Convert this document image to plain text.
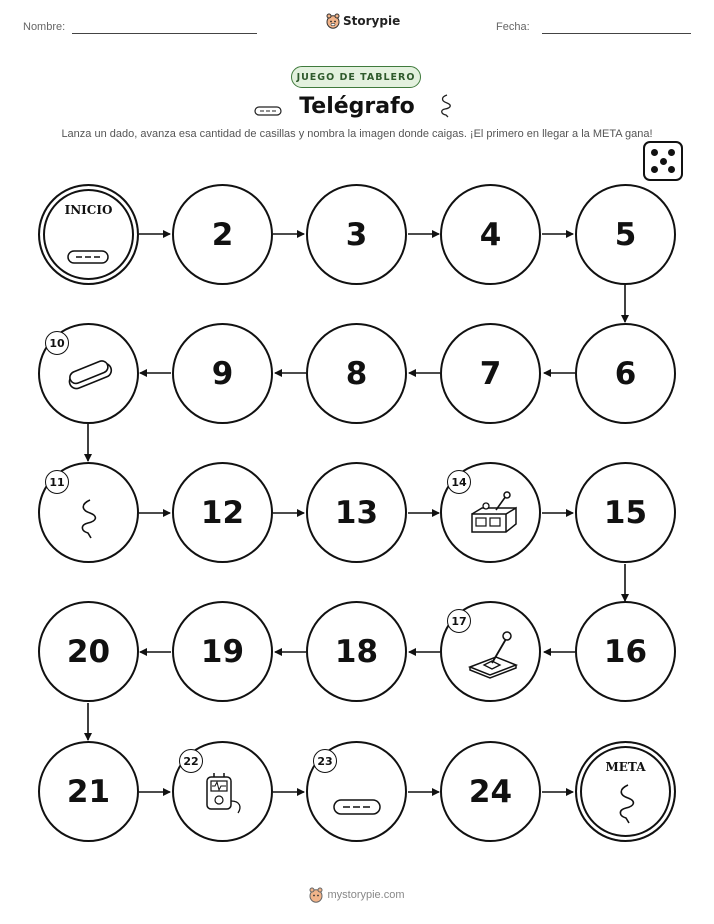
Nombre:	Storypie	Fecha:
JUEGO DE TABLERO
Telégrafo
Lanza un dado, avanza esa cantidad de casillas y nombra la imagen donde caigas. ¡El primero en llegar a la META gana!
INICIO
2	3	4	5
10
9	8	7	6
11
12	13
14
15
20	19	18
17
16
21
22	23
24
META
mystorypie.com
